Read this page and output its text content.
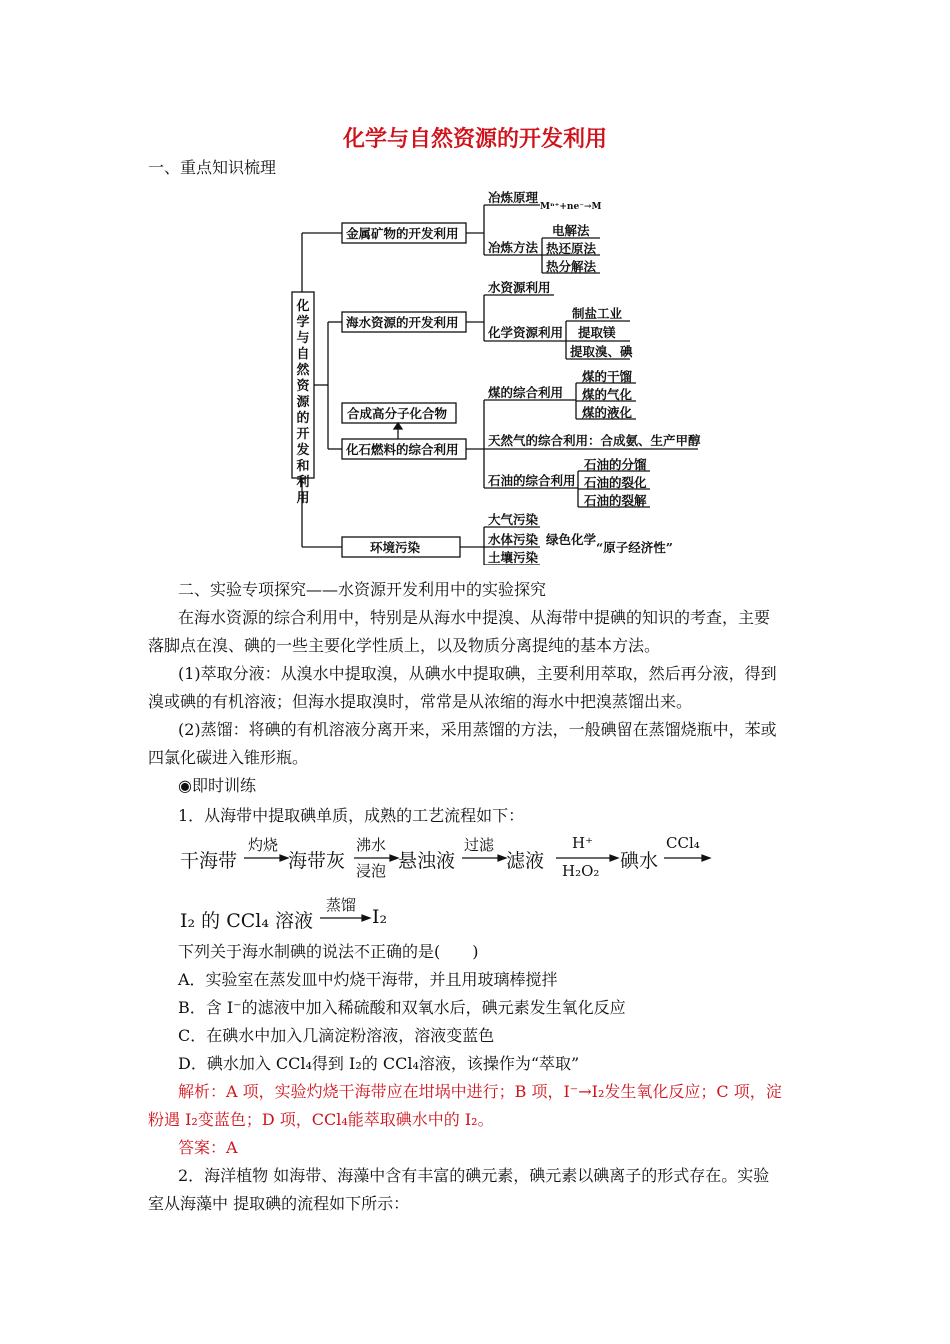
化学与自然资源的开发利用
一、重点知识梳理
化学与自然资源的开发和利用
金属矿物的开发利用
冶炼原理
Mⁿ⁺+ne⁻→M
冶炼方法
电解法
热还原法
热分解法
海水资源的开发利用
水资源利用
化学资源利用
制盐工业
提取镁
提取溴、碘
合成高分子化合物
化石燃料的综合利用
煤的综合利用
煤的干馏
煤的气化
煤的液化
天然气的综合利用：合成氨、生产甲醇
石油的综合利用
石油的分馏
石油的裂化
石油的裂解
环境污染
大气污染
水体污染
土壤污染
绿色化学
“原子经济性”
二、实验专项探究——水资源开发利用中的实验探究
在海水资源的综合利用中，特别是从海水中提溴、从海带中提碘的知识的考查，主要
落脚点在溴、碘的一些主要化学性质上，以及物质分离提纯的基本方法。
(1)萃取分液：从溴水中提取溴，从碘水中提取碘，主要利用萃取，然后再分液，得到
溴或碘的有机溶液；但海水提取溴时，常常是从浓缩的海水中把溴蒸馏出来。
(2)蒸馏：将碘的有机溶液分离开来，采用蒸馏的方法，一般碘留在蒸馏烧瓶中，苯或
四氯化碳进入锥形瓶。
◉即时训练
1．从海带中提取碘单质，成熟的工艺流程如下：
干海带
灼烧
海带灰
沸水
浸泡 悬浊液
过滤
滤液
H⁺
H₂O₂ 碘水
CCl₄
I₂ 的 CCl₄ 溶液
蒸馏
I₂
下列关于海水制碘的说法不正确的是(　　)
A．实验室在蒸发皿中灼烧干海带，并且用玻璃棒搅拌
B．含 I⁻的滤液中加入稀硫酸和双氧水后，碘元素发生氧化反应
C．在碘水中加入几滴淀粉溶液，溶液变蓝色
D．碘水加入 CCl₄得到 I₂的 CCl₄溶液，该操作为“萃取”
解析：A 项，实验灼烧干海带应在坩埚中进行；B 项，I⁻→I₂发生氧化反应；C 项，淀
粉遇 I₂变蓝色；D 项，CCl₄能萃取碘水中的 I₂。
答案：A
2．海洋植物 如海带、海藻中含有丰富的碘元素，碘元素以碘离子的形式存在。实验
室从海藻中 提取碘的流程如下所示：
